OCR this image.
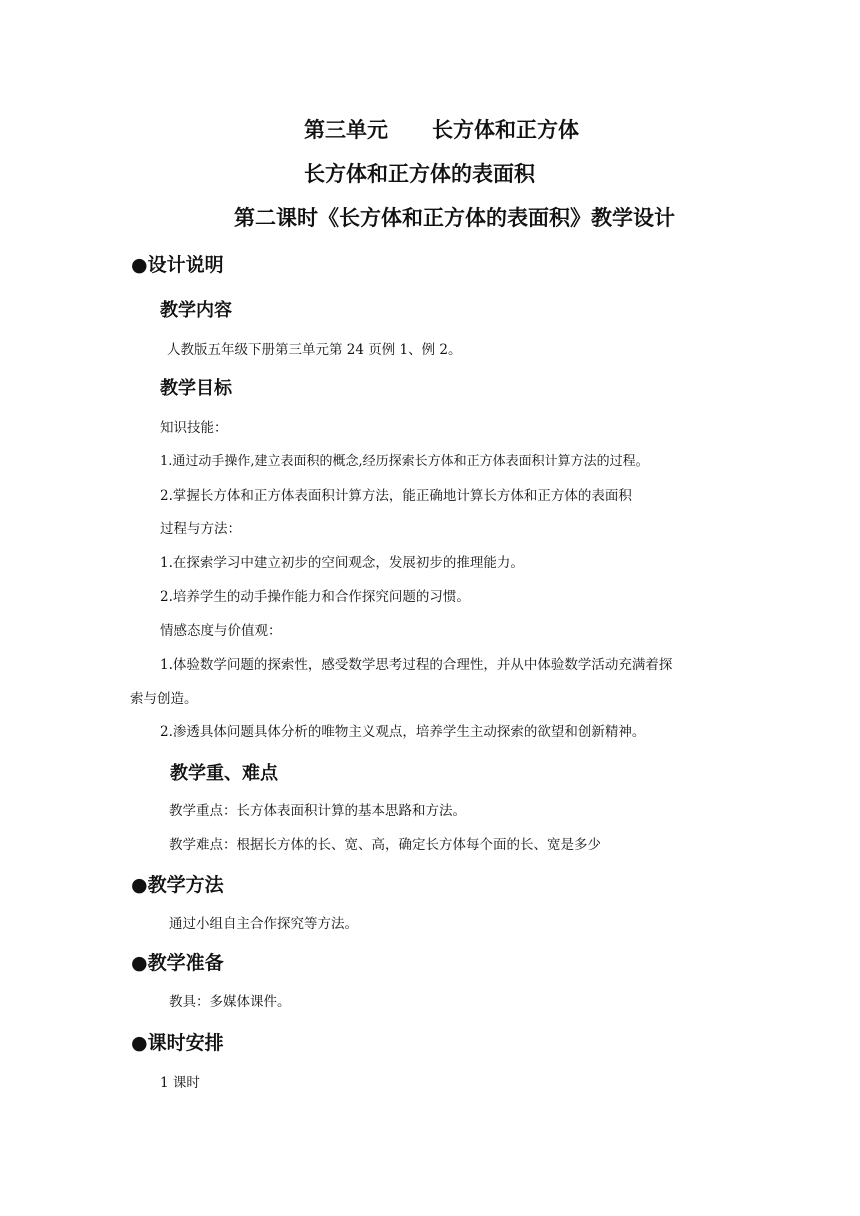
第三单元 长方体和正方体
长方体和正方体的表面积
第二课时《长方体和正方体的表面积》教学设计
●设计说明
教学内容
人教版五年级下册第三单元第 24 页例 1、例 2。
教学目标
知识技能：
1.通过动手操作,建立表面积的概念,经历探索长方体和正方体表面积计算方法的过程。
2.掌握长方体和正方体表面积计算方法，能正确地计算长方体和正方体的表面积
过程与方法：
1.在探索学习中建立初步的空间观念，发展初步的推理能力。
2.培养学生的动手操作能力和合作探究问题的习惯。
情感态度与价值观：
1.体验数学问题的探索性，感受数学思考过程的合理性，并从中体验数学活动充满着探
索与创造。
2.渗透具体问题具体分析的唯物主义观点，培养学生主动探索的欲望和创新精神。
教学重、难点
教学重点：长方体表面积计算的基本思路和方法。
教学难点：根据长方体的长、宽、高，确定长方体每个面的长、宽是多少
●教学方法
通过小组自主合作探究等方法。
●教学准备
教具：多媒体课件。
●课时安排
1 课时
